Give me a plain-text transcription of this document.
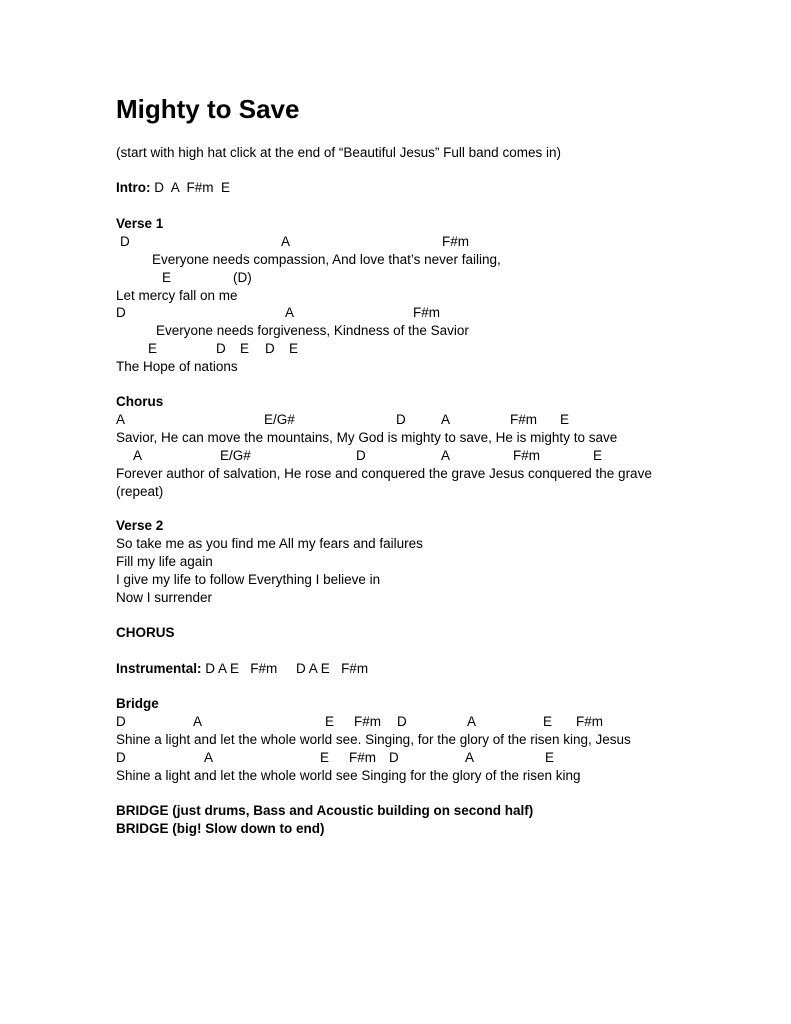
Mighty to Save
(start with high hat click at the end of “Beautiful Jesus” Full band comes in)
Intro: D  A  F#m  E
Verse 1
D	A	F#m
Everyone needs compassion, And love that’s never failing,
E	(D)
Let mercy fall on me
D	A	F#m
Everyone needs forgiveness, Kindness of the Savior
E	D E D E
The Hope of nations
Chorus
A	E/G#	D	A	F#m E
Savior, He can move the mountains, My God is mighty to save, He is mighty to save
A	E/G#	D	A	F#m	E
Forever author of salvation, He rose and conquered the grave Jesus conquered the grave
(repeat)
Verse 2
So take me as you find me All my fears and failures
Fill my life again
I give my life to follow Everything I believe in
Now I surrender
CHORUS
Instrumental: D A E   F#m     D A E   F#m
Bridge
D	A	E F#m D	A	E F#m
Shine a light and let the whole world see. Singing, for the glory of the risen king, Jesus
D	A	E F#m D	A	E
Shine a light and let the whole world see Singing for the glory of the risen king
BRIDGE (just drums, Bass and Acoustic building on second half)
BRIDGE (big! Slow down to end)
